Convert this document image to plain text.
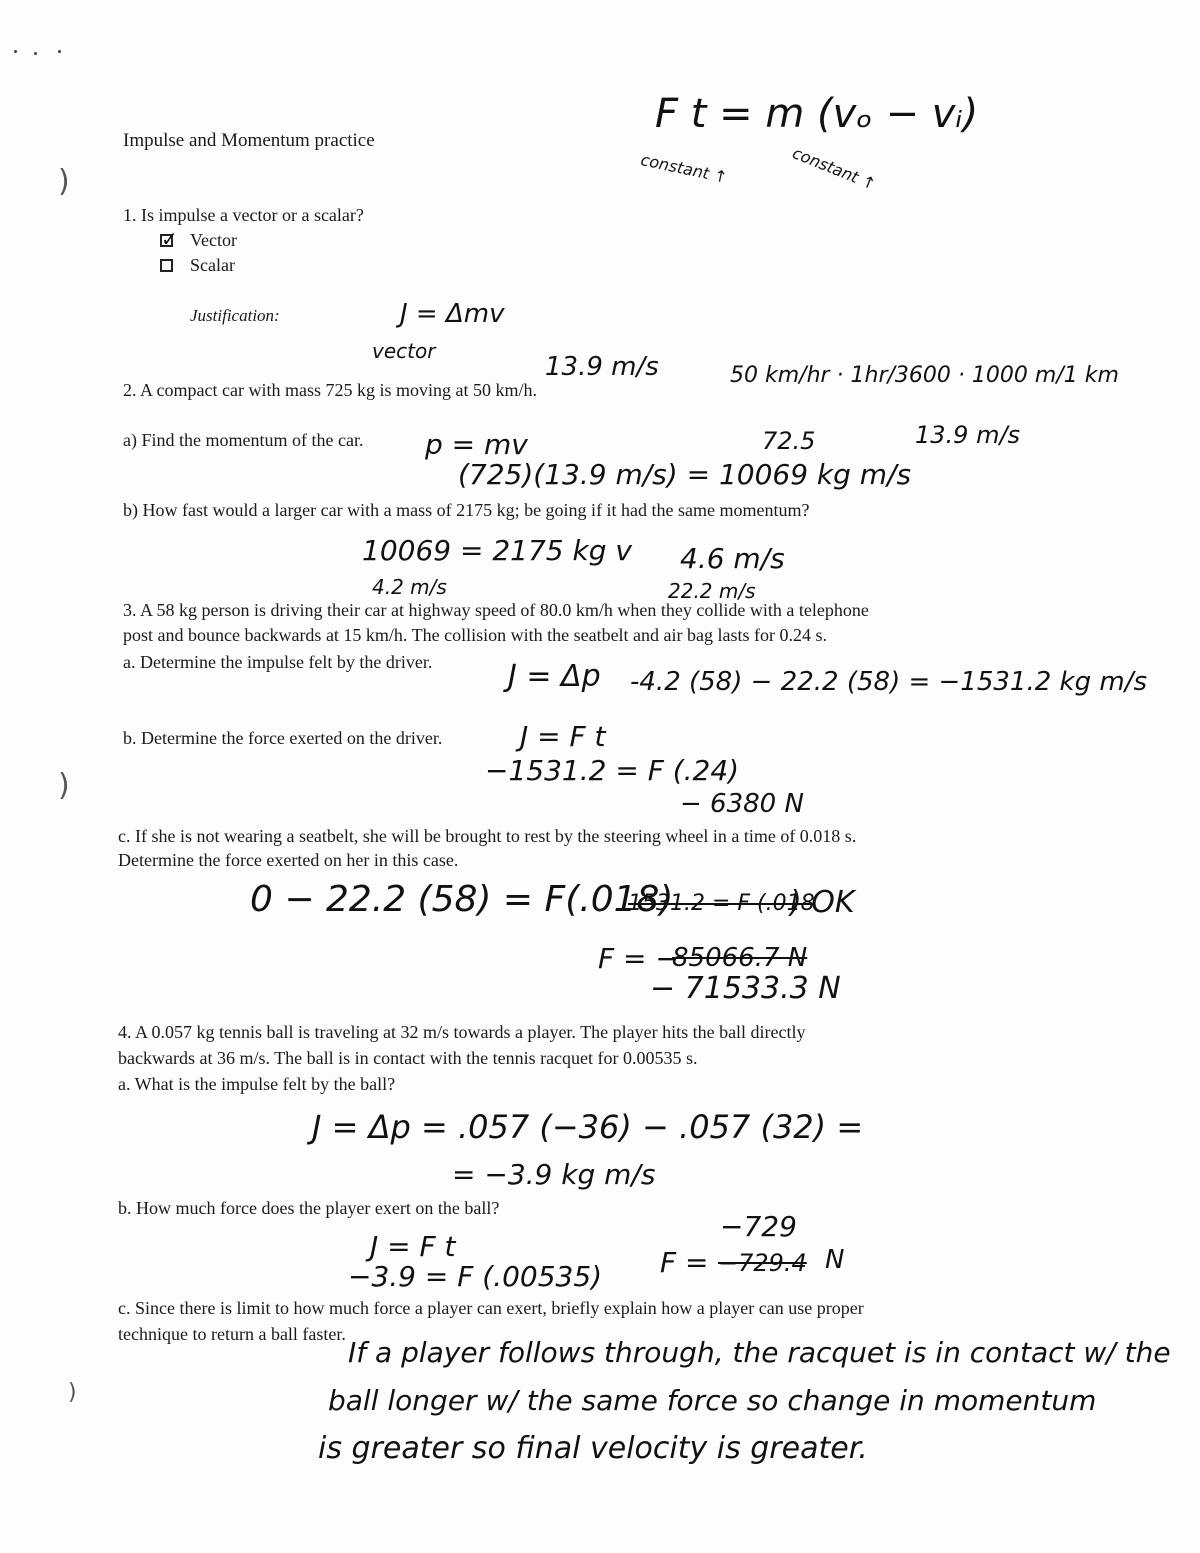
)
)
)
Impulse and Momentum practice
F t = m (vₒ − vᵢ)
constant ↑	constant ↑
1. Is impulse a vector or a scalar?
✓
Vector
Scalar
Justification:	J = Δmv
vector
13.9 m/s
2. A compact car with mass 725 kg is moving at 50 km/h.
50 km/hr · 1hr/3600 · 1000 m/1 km
13.9 m/s
a) Find the momentum of the car. p = mv	72.5
(725)(13.9 m/s) = 10069 kg m/s
b) How fast would a larger car with a mass of 2175 kg; be going if it had the same momentum?
10069 = 2175 kg v 4.6 m/s
4.2 m/s	22.2 m/s
3. A 58 kg person is driving their car at highway speed of 80.0 km/h when they collide with a telephone
post and bounce backwards at 15 km/h. The collision with the seatbelt and air bag lasts for 0.24 s.
a. Determine the impulse felt by the driver.	J = Δp -4.2 (58) − 22.2 (58) = −1531.2 kg m/s
b. Determine the force exerted on the driver.	J = F t
−1531.2 = F (.24)
− 6380 N
c. If she is not wearing a seatbelt, she will be brought to rest by the steering wheel in a time of 0.018 s.
Determine the force exerted on her in this case.
0 − 22.2 (58) = F(.018)
1531.2 = F (.018
) OK
F = −
85066.7 N
− 71533.3 N
4. A 0.057 kg tennis ball is traveling at 32 m/s towards a player. The player hits the ball directly
backwards at 36 m/s. The ball is in contact with the tennis racquet for 0.00535 s.
a. What is the impulse felt by the ball?
J = Δp = .057 (−36) − .057 (32) =
= −3.9 kg m/s
b. How much force does the player exert on the ball?
−729
J = F t	F = −729.4 N
−3.9 = F (.00535)
c. Since there is limit to how much force a player can exert, briefly explain how a player can use proper
technique to return a ball faster.
If a player follows through, the racquet is in contact w/ the
ball longer w/ the same force so change in momentum
is greater so final velocity is greater.
